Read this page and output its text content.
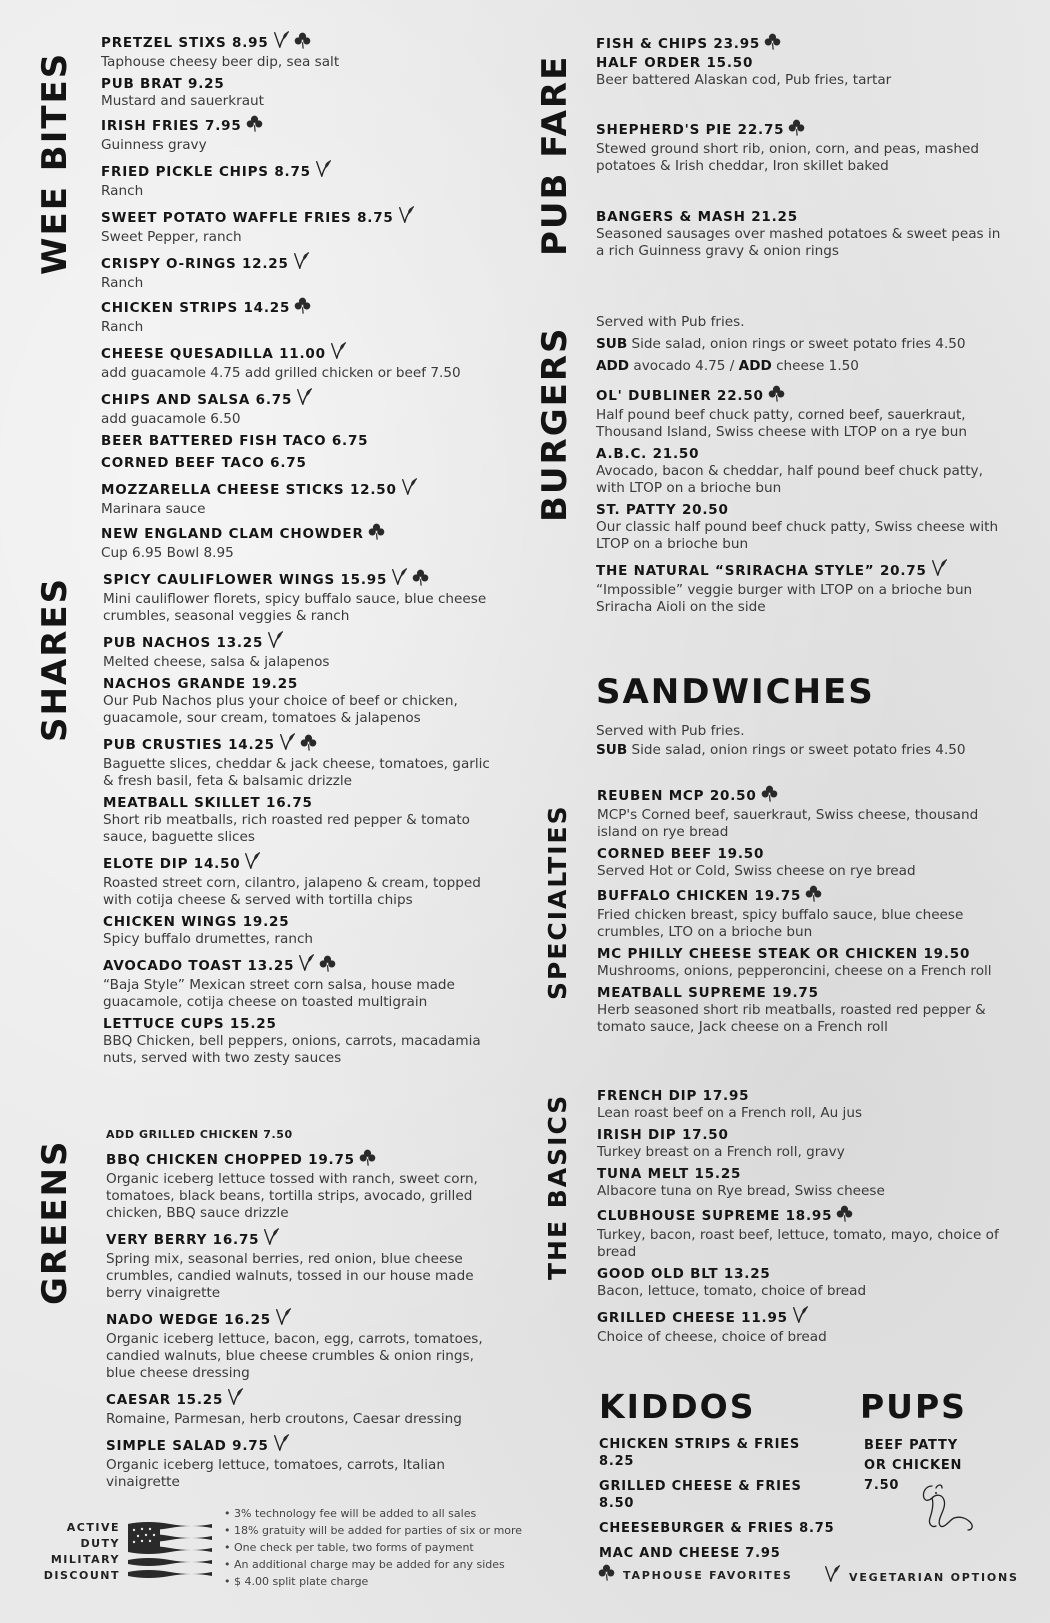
WEE BITES
PRETZEL STIXS 8.95
Taphouse cheesy beer dip, sea salt
PUB BRAT 9.25
Mustard and sauerkraut
IRISH FRIES 7.95
Guinness gravy
FRIED PICKLE CHIPS 8.75
Ranch
SWEET POTATO WAFFLE FRIES 8.75
Sweet Pepper, ranch
CRISPY O-RINGS 12.25
Ranch
CHICKEN STRIPS 14.25
Ranch
CHEESE QUESADILLA 11.00
add guacamole 4.75 add grilled chicken or beef 7.50
CHIPS AND SALSA 6.75
add guacamole 6.50
BEER BATTERED FISH TACO 6.75
CORNED BEEF TACO 6.75
MOZZARELLA CHEESE STICKS 12.50
Marinara sauce
NEW ENGLAND CLAM CHOWDER
Cup 6.95 Bowl 8.95
SHARES SPICY CAULIFLOWER WINGS 15.95
Mini cauliflower florets, spicy buffalo sauce, blue cheese crumbles, seasonal veggies & ranch
PUB NACHOS 13.25
Melted cheese, salsa & jalapenos
NACHOS GRANDE 19.25
Our Pub Nachos plus your choice of beef or chicken, guacamole, sour cream, tomatoes & jalapenos
PUB CRUSTIES 14.25
Baguette slices, cheddar & jack cheese, tomatoes, garlic & fresh basil, feta & balsamic drizzle
MEATBALL SKILLET 16.75
Short rib meatballs, rich roasted red pepper & tomato sauce, baguette slices
ELOTE DIP 14.50
Roasted street corn, cilantro, jalapeno & cream, topped with cotija cheese & served with tortilla chips
CHICKEN WINGS 19.25
Spicy buffalo drumettes, ranch
AVOCADO TOAST 13.25
“Baja Style” Mexican street corn salsa, house made guacamole, cotija cheese on toasted multigrain
LETTUCE CUPS 15.25
BBQ Chicken, bell peppers, onions, carrots, macadamia nuts, served with two zesty sauces
GREENS
ADD GRILLED CHICKEN 7.50
BBQ CHICKEN CHOPPED 19.75
Organic iceberg lettuce tossed with ranch, sweet corn, tomatoes, black beans, tortilla strips, avocado, grilled chicken, BBQ sauce drizzle
VERY BERRY 16.75
Spring mix, seasonal berries, red onion, blue cheese crumbles, candied walnuts, tossed in our house made berry vinaigrette
NADO WEDGE 16.25
Organic iceberg lettuce, bacon, egg, carrots, tomatoes, candied walnuts, blue cheese crumbles & onion rings, blue cheese dressing
CAESAR 15.25
Romaine, Parmesan, herb croutons, Caesar dressing
SIMPLE SALAD 9.75
Organic iceberg lettuce, tomatoes, carrots, Italian vinaigrette
PUB FARE
FISH & CHIPS 23.95
HALF ORDER 15.50
Beer battered Alaskan cod, Pub fries, tartar
SHEPHERD'S PIE 22.75
Stewed ground short rib, onion, corn, and peas, mashed potatoes & Irish cheddar, Iron skillet baked
BANGERS & MASH 21.25
Seasoned sausages over mashed potatoes & sweet peas in a rich Guinness gravy & onion rings
BURGERS
Served with Pub fries.
SUB Side salad, onion rings or sweet potato fries 4.50
ADD avocado 4.75 / ADD cheese 1.50
OL' DUBLINER 22.50
Half pound beef chuck patty, corned beef, sauerkraut, Thousand Island, Swiss cheese with LTOP on a rye bun
A.B.C. 21.50
Avocado, bacon & cheddar, half pound beef chuck patty, with LTOP on a brioche bun
ST. PATTY 20.50
Our classic half pound beef chuck patty, Swiss cheese with LTOP on a brioche bun
THE NATURAL “SRIRACHA STYLE” 20.75
“Impossible” veggie burger with LTOP on a brioche bun Sriracha Aioli on the side
SANDWICHES
Served with Pub fries.
SUB Side salad, onion rings or sweet potato fries 4.50
SPECIALTIES
REUBEN MCP 20.50
MCP's Corned beef, sauerkraut, Swiss cheese, thousand island on rye bread
CORNED BEEF 19.50
Served Hot or Cold, Swiss cheese on rye bread
BUFFALO CHICKEN 19.75
Fried chicken breast, spicy buffalo sauce, blue cheese crumbles, LTO on a brioche bun
MC PHILLY CHEESE STEAK OR CHICKEN 19.50
Mushrooms, onions, pepperoncini, cheese on a French roll
MEATBALL SUPREME 19.75
Herb seasoned short rib meatballs, roasted red pepper & tomato sauce, Jack cheese on a French roll
THE BASICS FRENCH DIP 17.95
Lean roast beef on a French roll, Au jus
IRISH DIP 17.50
Turkey breast on a French roll, gravy
TUNA MELT 15.25
Albacore tuna on Rye bread, Swiss cheese
CLUBHOUSE SUPREME 18.95
Turkey, bacon, roast beef, lettuce, tomato, mayo, choice of bread
GOOD OLD BLT 13.25
Bacon, lettuce, tomato, choice of bread
GRILLED CHEESE 11.95
Choice of cheese, choice of bread
KIDDOS
CHICKEN STRIPS & FRIES 8.25
GRILLED CHEESE & FRIES 8.50
CHEESEBURGER & FRIES 8.75
MAC AND CHEESE 7.95
PUPS
BEEF PATTY
OR CHICKEN
7.50
ACTIVE
DUTY
MILITARY
DISCOUNT
• 3% technology fee will be added to all sales
• 18% gratuity will be added for parties of six or more
• One check per table, two forms of payment
• An additional charge may be added for any sides
• $ 4.00 split plate charge	TAPHOUSE FAVORITES	VEGETARIAN OPTIONS
